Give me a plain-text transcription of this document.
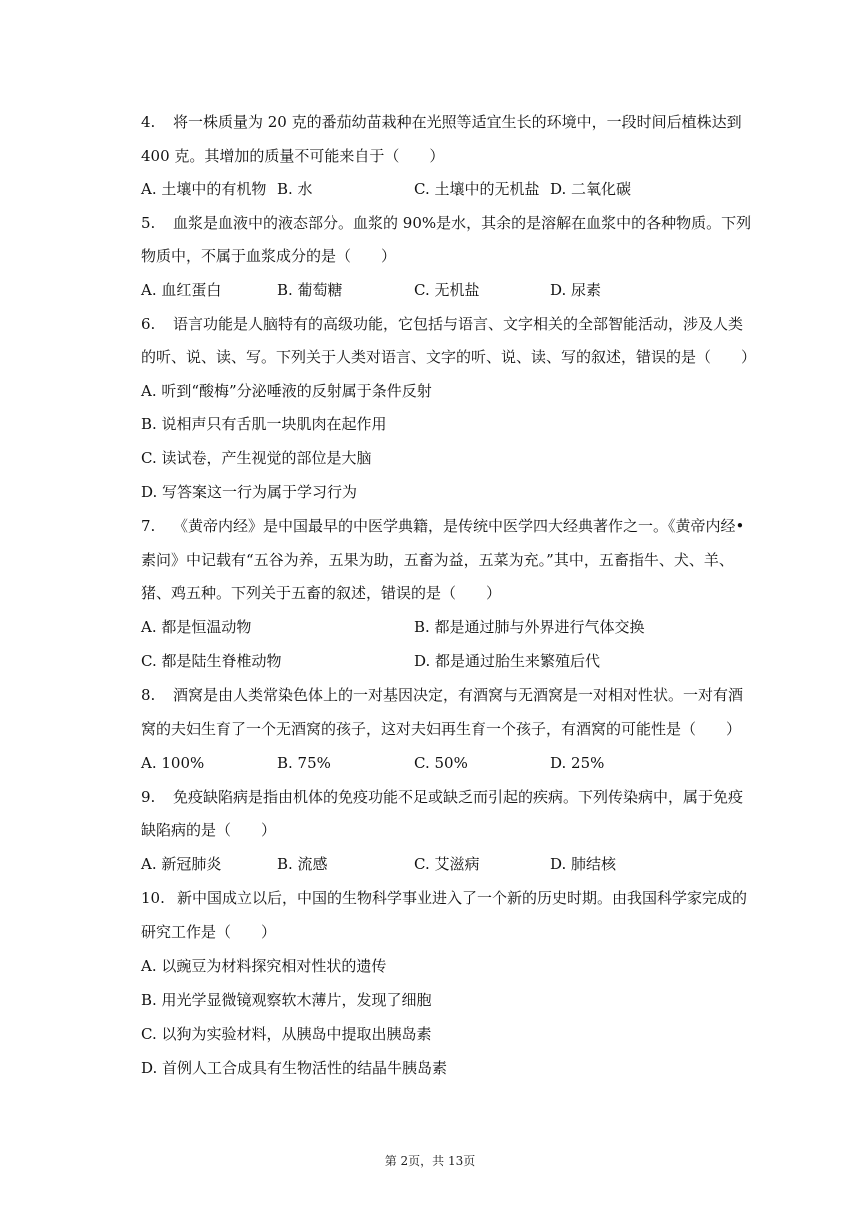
4. 将一株质量为 20 克的番茄幼苗栽种在光照等适宜生长的环境中，一段时间后植株达到
400 克。其增加的质量不可能来自于（　　）
A. 土壤中的有机物 B. 水	C. 土壤中的无机盐 D. 二氧化碳
5. 血浆是血液中的液态部分。血浆的 90%是水，其余的是溶解在血浆中的各种物质。下列
物质中，不属于血浆成分的是（　　）
A. 血红蛋白	B. 葡萄糖	C. 无机盐	D. 尿素
6. 语言功能是人脑特有的高级功能，它包括与语言、文字相关的全部智能活动，涉及人类
的听、说、读、写。下列关于人类对语言、文字的听、说、读、写的叙述，错误的是（　　）
A. 听到“酸梅”分泌唾液的反射属于条件反射
B. 说相声只有舌肌一块肌肉在起作用
C. 读试卷，产生视觉的部位是大脑
D. 写答案这一行为属于学习行为
7. 《黄帝内经》是中国最早的中医学典籍，是传统中医学四大经典著作之一。《黄帝内经•
素问》中记载有“五谷为养，五果为助，五畜为益，五菜为充。”其中，五畜指牛、犬、羊、
猪、鸡五种。下列关于五畜的叙述，错误的是（　　）
A. 都是恒温动物	B. 都是通过肺与外界进行气体交换
C. 都是陆生脊椎动物	D. 都是通过胎生来繁殖后代
8. 酒窝是由人类常染色体上的一对基因决定，有酒窝与无酒窝是一对相对性状。一对有酒
窝的夫妇生育了一个无酒窝的孩子，这对夫妇再生育一个孩子，有酒窝的可能性是（　　）
A. 100%	B. 75%	C. 50%	D. 25%
9. 免疫缺陷病是指由机体的免疫功能不足或缺乏而引起的疾病。下列传染病中，属于免疫
缺陷病的是（　　）
A. 新冠肺炎	B. 流感	C. 艾滋病	D. 肺结核
10. 新中国成立以后，中国的生物科学事业进入了一个新的历史时期。由我国科学家完成的
研究工作是（　　）
A. 以豌豆为材料探究相对性状的遗传
B. 用光学显微镜观察软木薄片，发现了细胞
C. 以狗为实验材料，从胰岛中提取出胰岛素
D. 首例人工合成具有生物活性的结晶牛胰岛素
第 2页，共 13页
